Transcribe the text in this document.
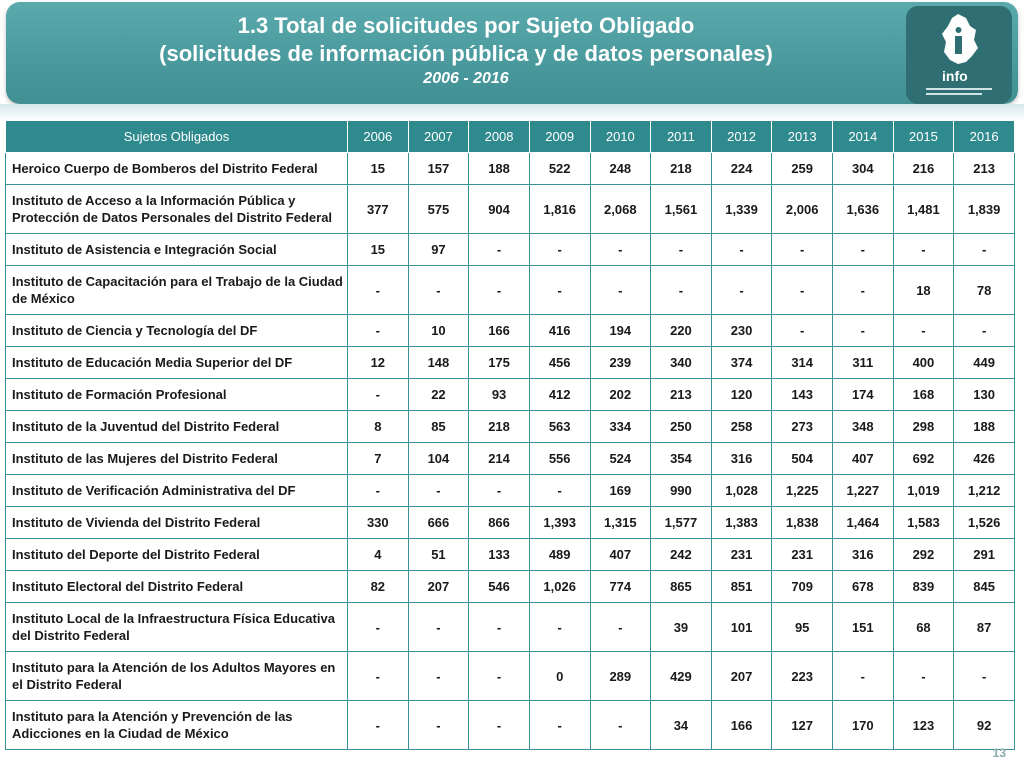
1.3 Total de solicitudes por Sujeto Obligado
(solicitudes de información pública y de datos personales)
2006 - 2016	info
Sujetos Obligados	2006	2007	2008	2009	2010	2011	2012	2013	2014	2015	2016
Heroico Cuerpo de Bomberos del Distrito Federal	15	157	188	522	248	218	224	259	304	216	213
Instituto de Acceso a la Información Pública y Protección de Datos Personales del Distrito Federal	377	575	904	1,816	2,068	1,561	1,339	2,006	1,636	1,481	1,839
Instituto de Asistencia e Integración Social	15	97	-	-	-	-	-	-	-	-	-
Instituto de Capacitación para el Trabajo de la Ciudad de México	-	-	-	-	-	-	-	-	-	18	78
Instituto de Ciencia y Tecnología del DF	-	10	166	416	194	220	230	-	-	-	-
Instituto de Educación Media Superior del DF	12	148	175	456	239	340	374	314	311	400	449
Instituto de Formación Profesional	-	22	93	412	202	213	120	143	174	168	130
Instituto de la Juventud del Distrito Federal	8	85	218	563	334	250	258	273	348	298	188
Instituto de las Mujeres del Distrito Federal	7	104	214	556	524	354	316	504	407	692	426
Instituto de Verificación Administrativa del DF	-	-	-	-	169	990	1,028	1,225	1,227	1,019	1,212
Instituto de Vivienda del Distrito Federal	330	666	866	1,393	1,315	1,577	1,383	1,838	1,464	1,583	1,526
Instituto del Deporte del Distrito Federal	4	51	133	489	407	242	231	231	316	292	291
Instituto Electoral del Distrito Federal	82	207	546	1,026	774	865	851	709	678	839	845
Instituto Local de la Infraestructura Física Educativa del Distrito Federal	-	-	-	-	-	39	101	95	151	68	87
Instituto para la Atención de los Adultos Mayores en el Distrito Federal	-	-	-	0	289	429	207	223	-	-	-
Instituto para la Atención y Prevención de las Adicciones en la Ciudad de México	-	-	-	-	-	34	166	127	170	123	92
13
